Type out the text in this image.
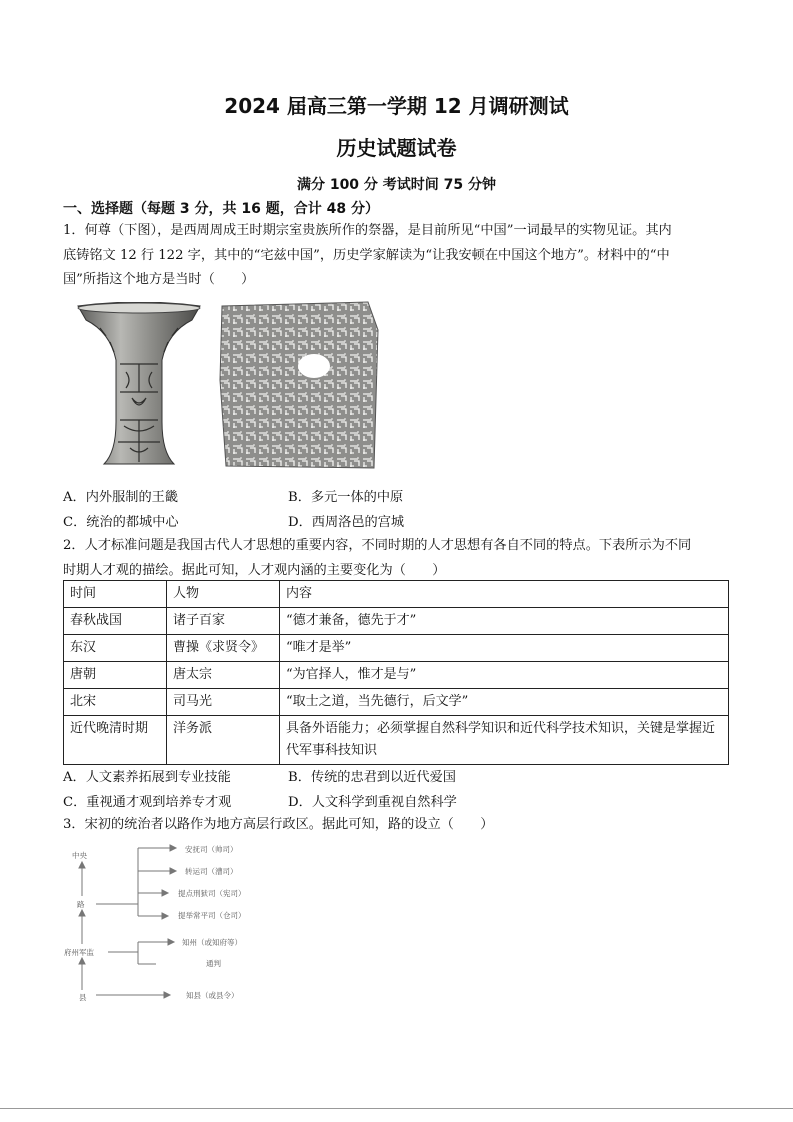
2024 届高三第一学期 12 月调研测试
历史试题试卷
满分 100 分 考试时间 75 分钟
一、选择题（每题 3 分，共 16 题，合计 48 分）
1．何尊（下图），是西周周成王时期宗室贵族所作的祭器，是目前所见“中国”一词最早的实物见证。其内
底铸铭文 12 行 122 字，其中的“宅兹中国”，历史学家解读为“让我安顿在中国这个地方”。材料中的“中
国”所指这个地方是当时（　　）
A．内外服制的王畿	B．多元一体的中原
C．统治的都城中心	D．西周洛邑的宫城
2．人才标准问题是我国古代人才思想的重要内容，不同时期的人才思想有各自不同的特点。下表所示为不同
时期人才观的描绘。据此可知，人才观内涵的主要变化为（　　）
时间	人物	内容
春秋战国	诸子百家	“德才兼备，德先于才”
东汉	曹操《求贤令》	“唯才是举”
唐朝	唐太宗	“为官择人，惟才是与”
北宋	司马光	“取士之道，当先德行，后文学”
近代晚清时期	洋务派	具备外语能力；必须掌握自然科学知识和近代科学技术知识，关键是掌握近代军事科技知识
A．人文素养拓展到专业技能	B．传统的忠君到以近代爱国
C．重视通才观到培养专才观	D．人文科学到重视自然科学
3．宋初的统治者以路作为地方高层行政区。据此可知，路的设立（　　）
中央
路
府州军监
县
安抚司（帅司）
转运司（漕司）
提点刑狱司（宪司）
提举常平司（仓司）
知州（或知府等）
通判
知县（或县令）
